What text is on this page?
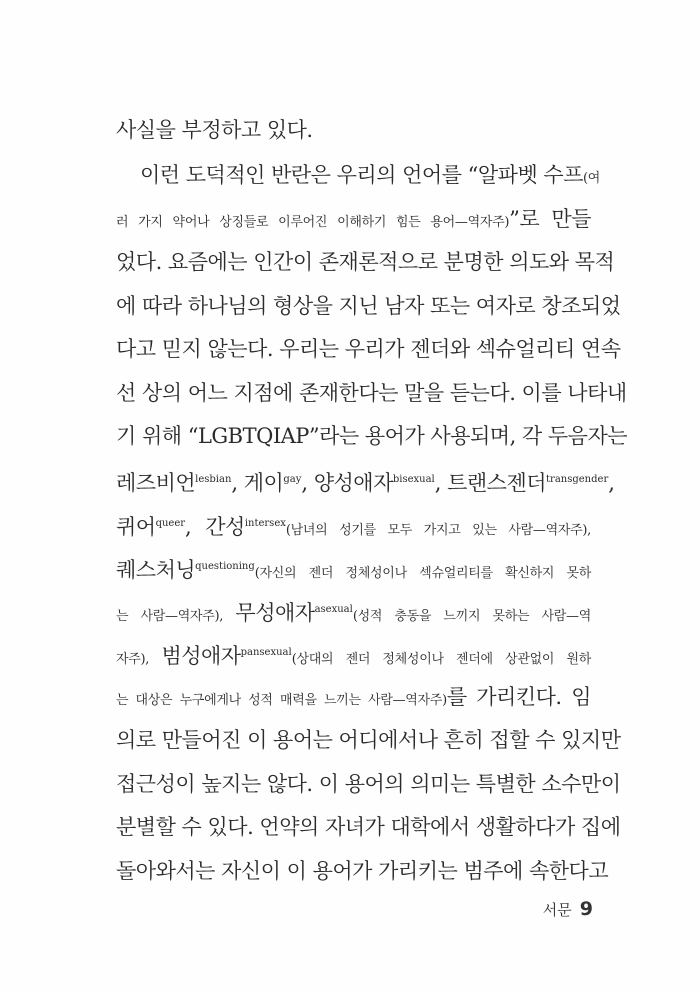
사실을 부정하고 있다.
이런 도덕적인 반란은 우리의 언어를 “알파벳 수프(여
러 가지 약어나 상징들로 이루어진 이해하기 힘든 용어—역자주)”로 만들
었다. 요즘에는 인간이 존재론적으로 분명한 의도와 목적
에 따라 하나님의 형상을 지닌 남자 또는 여자로 창조되었
다고 믿지 않는다. 우리는 우리가 젠더와 섹슈얼리티 연속
선 상의 어느 지점에 존재한다는 말을 듣는다. 이를 나타내
기 위해 “LGBTQIAP”라는 용어가 사용되며, 각 두음자는
레즈비언$^{lesbian}$, 게이$^{gay}$, 양성애자$^{bisexual}$, 트랜스젠더$^{transgender}$,
퀴어$^{queer}$, 간성$^{intersex}$(남녀의 성기를 모두 가지고 있는 사람—역자주),
퀘스처닝$^{questioning}$(자신의 젠더 정체성이나 섹슈얼리티를 확신하지 못하
는 사람—역자주), 무성애자$^{asexual}$(성적 충동을 느끼지 못하는 사람—역
자주), 범성애자$^{pansexual}$(상대의 젠더 정체성이나 젠더에 상관없이 원하
는 대상은 누구에게나 성적 매력을 느끼는 사람—역자주)를 가리킨다. 임
의로 만들어진 이 용어는 어디에서나 흔히 접할 수 있지만
접근성이 높지는 않다. 이 용어의 의미는 특별한 소수만이
분별할 수 있다. 언약의 자녀가 대학에서 생활하다가 집에
돌아와서는 자신이 이 용어가 가리키는 범주에 속한다고
서문 9
